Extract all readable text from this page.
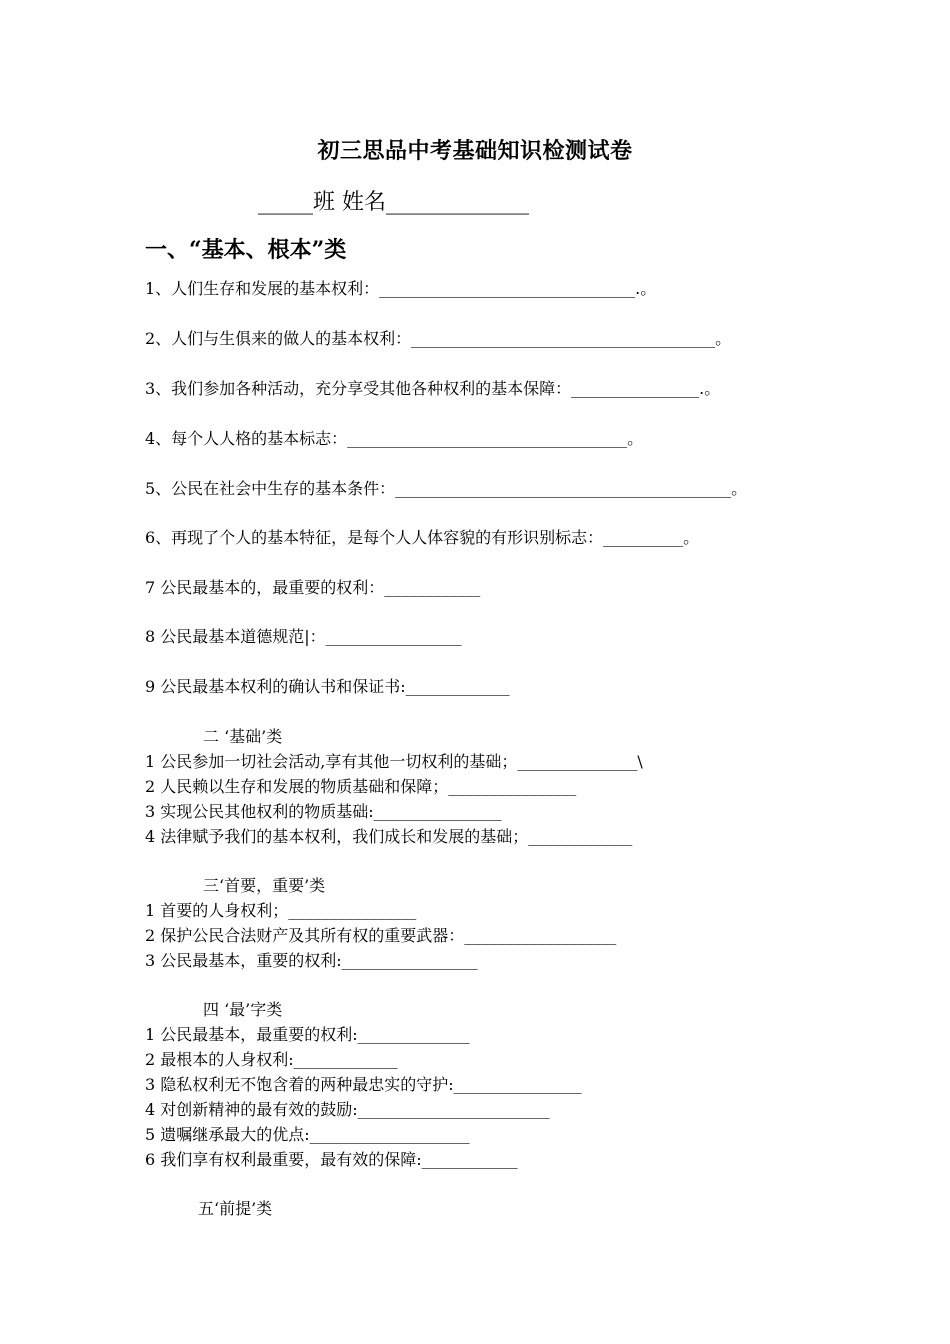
初三思品中考基础知识检测试卷
_____班 姓名_____________
一、“基本、根本”类
1、人们生存和发展的基本权利：________________________________.。
2、人们与生俱来的做人的基本权利：______________________________________。
3、我们参加各种活动，充分享受其他各种权利的基本保障：________________.。
4、每个人人格的基本标志：___________________________________。
5、公民在社会中生存的基本条件：__________________________________________。
6、再现了个人的基本特征，是每个人人体容貌的有形识别标志：__________。
7 公民最基本的，最重要的权利：____________
8 公民最基本道德规范|：_________________
9 公民最基本权利的确认书和保证书:_____________
二 ‘基础’类
1 公民参加一切社会活动,享有其他一切权利的基础；_______________\
2 人民赖以生存和发展的物质基础和保障；________________
3 实现公民其他权利的物质基础:________________
4 法律赋予我们的基本权利，我们成长和发展的基础；_____________
三‘首要，重要’类
1 首要的人身权利；________________
2 保护公民合法财产及其所有权的重要武器：___________________
3 公民最基本，重要的权利:_________________
四 ‘最’字类
1 公民最基本，最重要的权利:______________
2 最根本的人身权利:_____________
3 隐私权利无不饱含着的两种最忠实的守护:________________
4 对创新精神的最有效的鼓励:________________________
5 遗嘱继承最大的优点:____________________
6 我们享有权利最重要，最有效的保障:____________
五‘前提’类
